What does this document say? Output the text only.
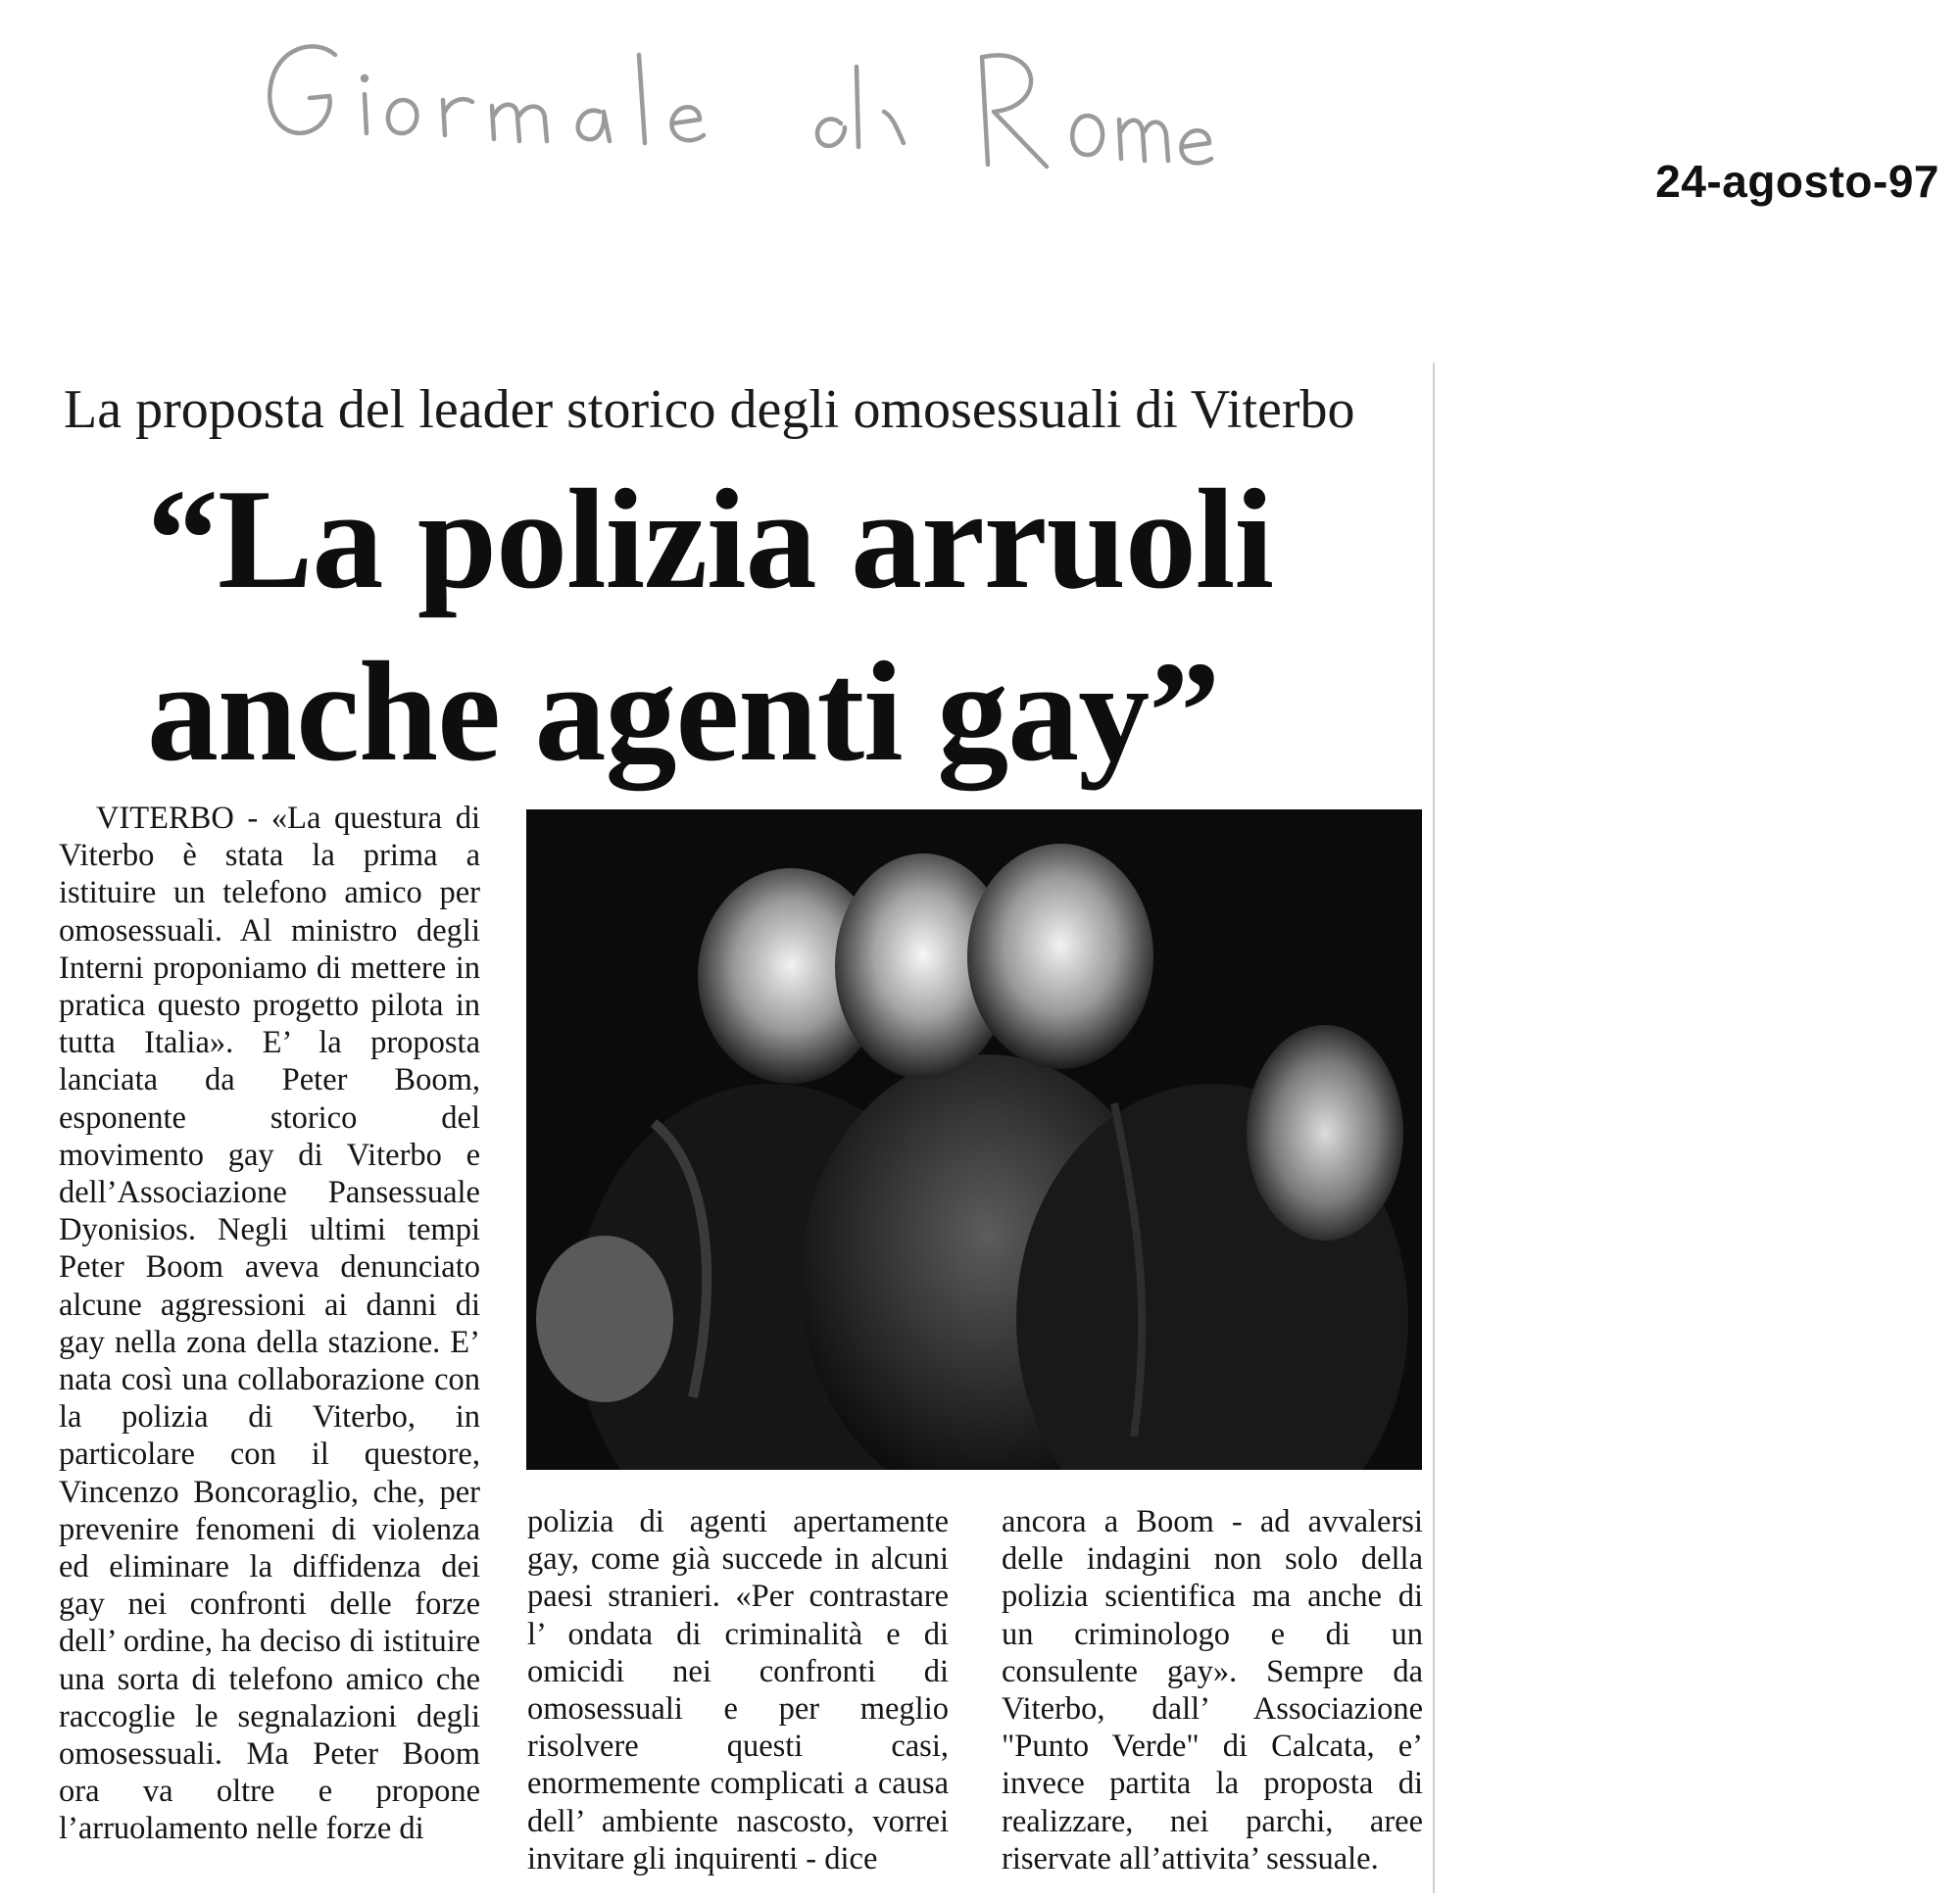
24-agosto-97
La proposta del leader storico degli omosessuali di Viterbo
“La polizia arruoli
anche agenti gay”
VITERBO - «La questura di Viterbo è stata la prima a istituire un telefono amico per omosessuali. Al ministro degli Interni proponiamo di mettere in pratica questo progetto pilota in tutta Italia». E’ la proposta lanciata da Peter Boom, esponente storico del movimento gay di Viterbo e dell’Associazione Pansessuale Dyonisios. Negli ultimi tempi Peter Boom aveva denunciato alcune aggressioni ai danni di gay nella zona della stazione. E’ nata così una collaborazione con la polizia di Viterbo, in particolare con il questore, Vincenzo Boncoraglio, che, per prevenire fenomeni di violenza ed eliminare la diffidenza dei gay nei confronti delle forze dell’ ordine, ha deciso di istituire una sorta di telefono amico che raccoglie le segnalazioni degli omosessuali. Ma Peter Boom ora va oltre e propone l’arruolamento nelle forze di
polizia di agenti apertamente gay, come già succede in alcuni paesi stranieri. «Per contrastare l’ ondata di criminalità e di omicidi nei confronti di omosessuali e per meglio risolvere questi casi, enormemente complicati a causa dell’ ambiente nascosto, vorrei invitare gli inquirenti - dice
ancora a Boom - ad avvalersi delle indagini non solo della polizia scientifica ma anche di un criminologo e di un consulente gay». Sempre da Viterbo, dall’ Associazione "Punto Verde" di Calcata, e’ invece partita la proposta di realizzare, nei parchi, aree riservate all’attivita’ sessuale.
